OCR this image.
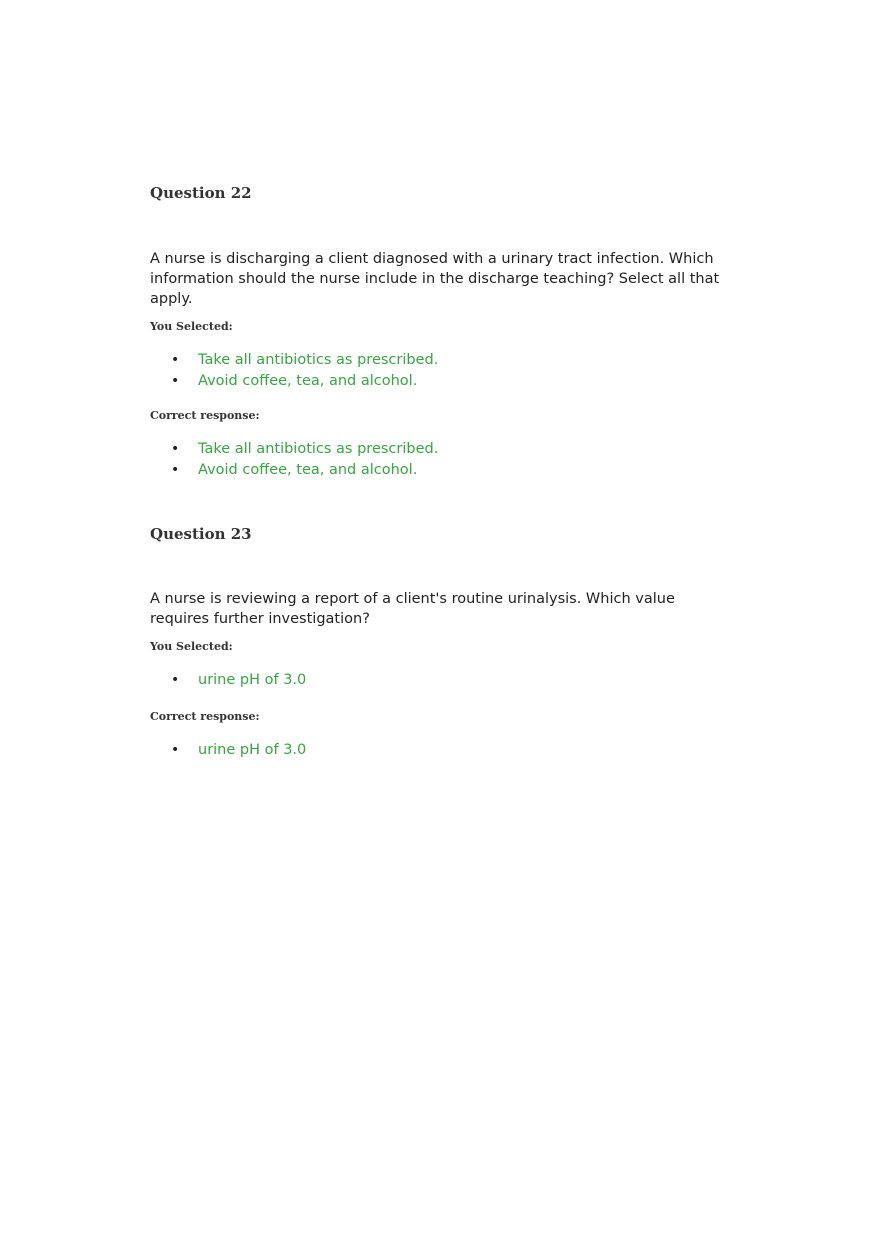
Question 22

A nurse is discharging a client diagnosed with a urinary tract infection. Which information should the nurse include in the discharge teaching? Select all that apply.

You Selected:
• Take all antibiotics as prescribed.
• Avoid coffee, tea, and alcohol.
Correct response:
• Take all antibiotics as prescribed.
• Avoid coffee, tea, and alcohol.
Question 23

A nurse is reviewing a report of a client's routine urinalysis. Which value requires further investigation?

You Selected:
• urine pH of 3.0
Correct response:
• urine pH of 3.0
